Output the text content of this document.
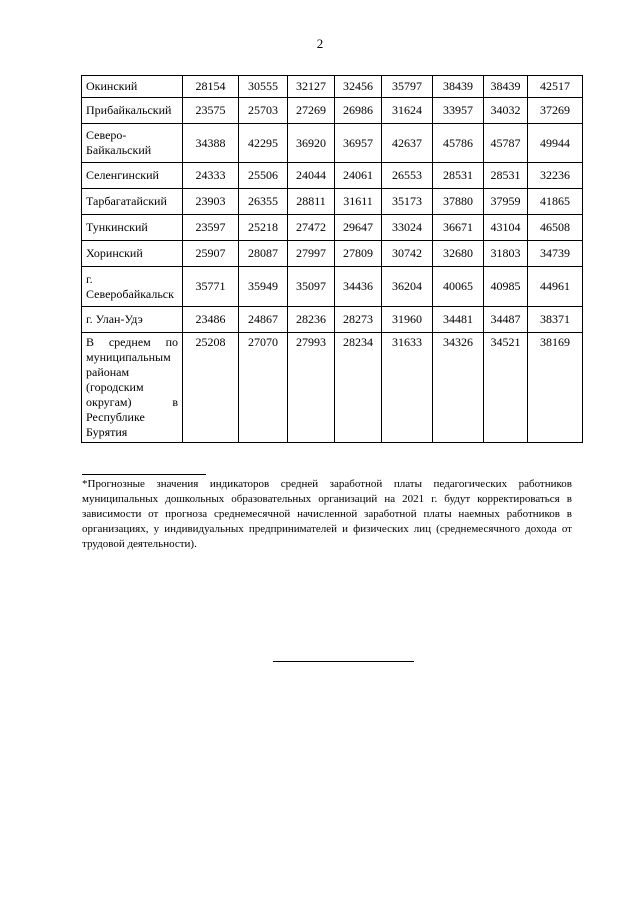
2
Окинский	28154	30555	32127	32456	35797	38439	38439	42517
Прибайкальский	23575	25703	27269	26986	31624	33957	34032	37269
Северо-Байкальский	34388	42295	36920	36957	42637	45786	45787	49944
Селенгинский	24333	25506	24044	24061	26553	28531	28531	32236
Тарбагатайский	23903	26355	28811	31611	35173	37880	37959	41865
Тункинский	23597	25218	27472	29647	33024	36671	43104	46508
Хоринский	25907	28087	27997	27809	30742	32680	31803	34739
г. Северобайкальск	35771	35949	35097	34436	36204	40065	40985	44961
г. Улан-Удэ	23486	24867	28236	28273	31960	34481	34487	38371
В среднем по муниципальным районам (городским округам) в Республике Бурятия	25208	27070	27993	28234	31633	34326	34521	38169
*Прогнозные значения индикаторов средней заработной платы педагогических работников муниципальных дошкольных образовательных организаций на 2021 г. будут корректироваться в зависимости от прогноза среднемесячной начисленной заработной платы наемных работников в организациях, у индивидуальных предпринимателей и физических лиц (среднемесячного дохода от трудовой деятельности).
